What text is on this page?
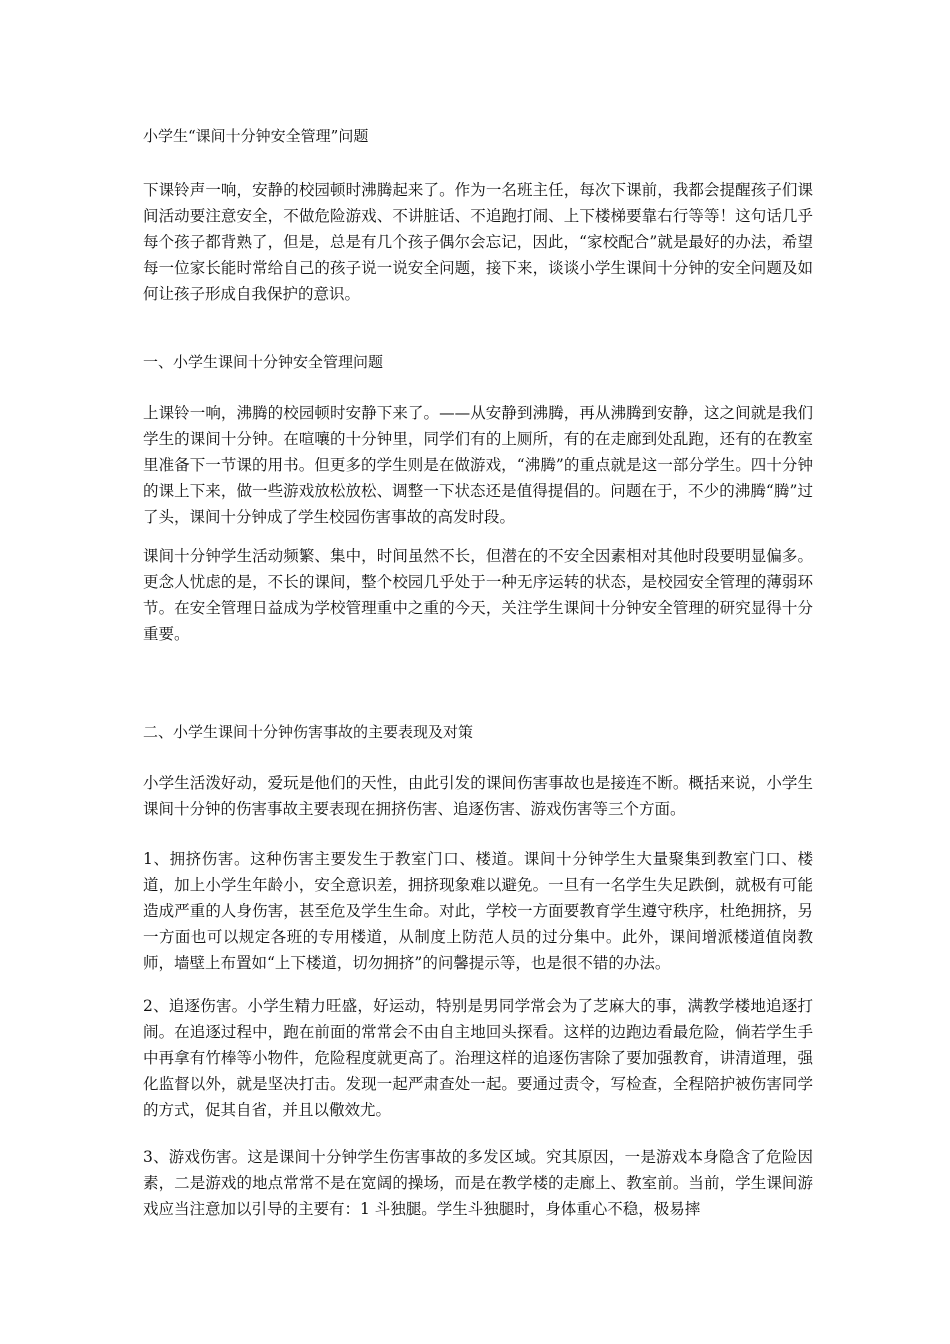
小学生“课间十分钟安全管理”问题

下课铃声一响，安静的校园顿时沸腾起来了。作为一名班主任，每次下课前，我都会提醒孩子们课间活动要注意安全，不做危险游戏、不讲脏话、不追跑打闹、上下楼梯要靠右行等等！这句话几乎每个孩子都背熟了，但是，总是有几个孩子偶尔会忘记，因此，“家校配合”就是最好的办法，希望每一位家长能时常给自己的孩子说一说安全问题，接下来，谈谈小学生课间十分钟的安全问题及如何让孩子形成自我保护的意识。

一、小学生课间十分钟安全管理问题

上课铃一响，沸腾的校园顿时安静下来了。——从安静到沸腾，再从沸腾到安静，这之间就是我们学生的课间十分钟。在喧嚷的十分钟里，同学们有的上厕所，有的在走廊到处乱跑，还有的在教室里准备下一节课的用书。但更多的学生则是在做游戏，“沸腾”的重点就是这一部分学生。四十分钟的课上下来，做一些游戏放松放松、调整一下状态还是值得提倡的。问题在于，不少的沸腾“腾”过了头，课间十分钟成了学生校园伤害事故的高发时段。

课间十分钟学生活动频繁、集中，时间虽然不长，但潜在的不安全因素相对其他时段要明显偏多。更念人忧虑的是，不长的课间，整个校园几乎处于一种无序运转的状态，是校园安全管理的薄弱环节。在安全管理日益成为学校管理重中之重的今天，关注学生课间十分钟安全管理的研究显得十分重要。

二、小学生课间十分钟伤害事故的主要表现及对策

小学生活泼好动，爱玩是他们的天性，由此引发的课间伤害事故也是接连不断。概括来说，小学生课间十分钟的伤害事故主要表现在拥挤伤害、追逐伤害、游戏伤害等三个方面。

1、拥挤伤害。这种伤害主要发生于教室门口、楼道。课间十分钟学生大量聚集到教室门口、楼道，加上小学生年龄小，安全意识差，拥挤现象难以避免。一旦有一名学生失足跌倒，就极有可能造成严重的人身伤害，甚至危及学生生命。对此，学校一方面要教育学生遵守秩序，杜绝拥挤，另一方面也可以规定各班的专用楼道，从制度上防范人员的过分集中。此外，课间增派楼道值岗教师，墙壁上布置如“上下楼道，切勿拥挤”的问馨提示等，也是很不错的办法。

2、追逐伤害。小学生精力旺盛，好运动，特别是男同学常会为了芝麻大的事，满教学楼地追逐打闹。在追逐过程中，跑在前面的常常会不由自主地回头探看。这样的边跑边看最危险，倘若学生手中再拿有竹棒等小物件，危险程度就更高了。治理这样的追逐伤害除了要加强教育，讲清道理，强化监督以外，就是坚决打击。发现一起严肃查处一起。要通过责令，写检查，全程陪护被伤害同学的方式，促其自省，并且以儆效尤。

3、游戏伤害。这是课间十分钟学生伤害事故的多发区域。究其原因，一是游戏本身隐含了危险因素，二是游戏的地点常常不是在宽阔的操场，而是在教学楼的走廊上、教室前。当前，学生课间游戏应当注意加以引导的主要有：1 斗独腿。学生斗独腿时，身体重心不稳，极易摔
